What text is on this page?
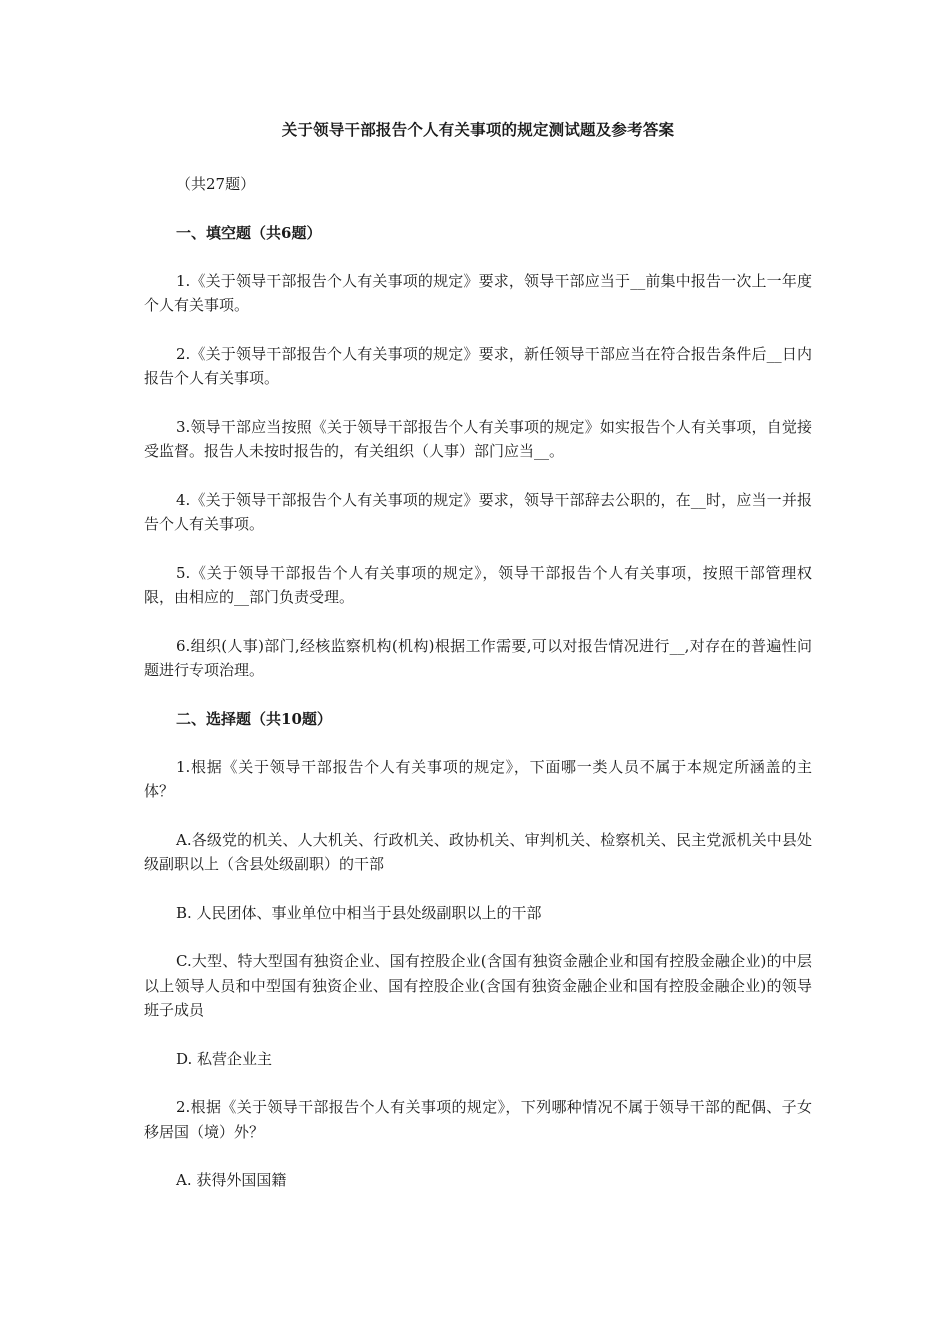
关于领导干部报告个人有关事项的规定测试题及参考答案
（共27题）
一、填空题（共6题）
1.《关于领导干部报告个人有关事项的规定》要求，领导干部应当于__前集中报告一次上一年度个人有关事项。
2.《关于领导干部报告个人有关事项的规定》要求，新任领导干部应当在符合报告条件后__日内报告个人有关事项。
3.领导干部应当按照《关于领导干部报告个人有关事项的规定》如实报告个人有关事项，自觉接受监督。报告人未按时报告的，有关组织（人事）部门应当__。
4.《关于领导干部报告个人有关事项的规定》要求，领导干部辞去公职的，在__时，应当一并报告个人有关事项。
5.《关于领导干部报告个人有关事项的规定》，领导干部报告个人有关事项，按照干部管理权限，由相应的__部门负责受理。
6.组织(人事)部门,经核监察机构(机构)根据工作需要,可以对报告情况进行__,对存在的普遍性问题进行专项治理。
二、选择题（共10题）
1.根据《关于领导干部报告个人有关事项的规定》，下面哪一类人员不属于本规定所涵盖的主体？
A.各级党的机关、人大机关、行政机关、政协机关、审判机关、检察机关、民主党派机关中县处级副职以上（含县处级副职）的干部
B. 人民团体、事业单位中相当于县处级副职以上的干部
C.大型、特大型国有独资企业、国有控股企业(含国有独资金融企业和国有控股金融企业)的中层以上领导人员和中型国有独资企业、国有控股企业(含国有独资金融企业和国有控股金融企业)的领导班子成员
D. 私营企业主
2.根据《关于领导干部报告个人有关事项的规定》，下列哪种情况不属于领导干部的配偶、子女移居国（境）外？
A. 获得外国国籍
